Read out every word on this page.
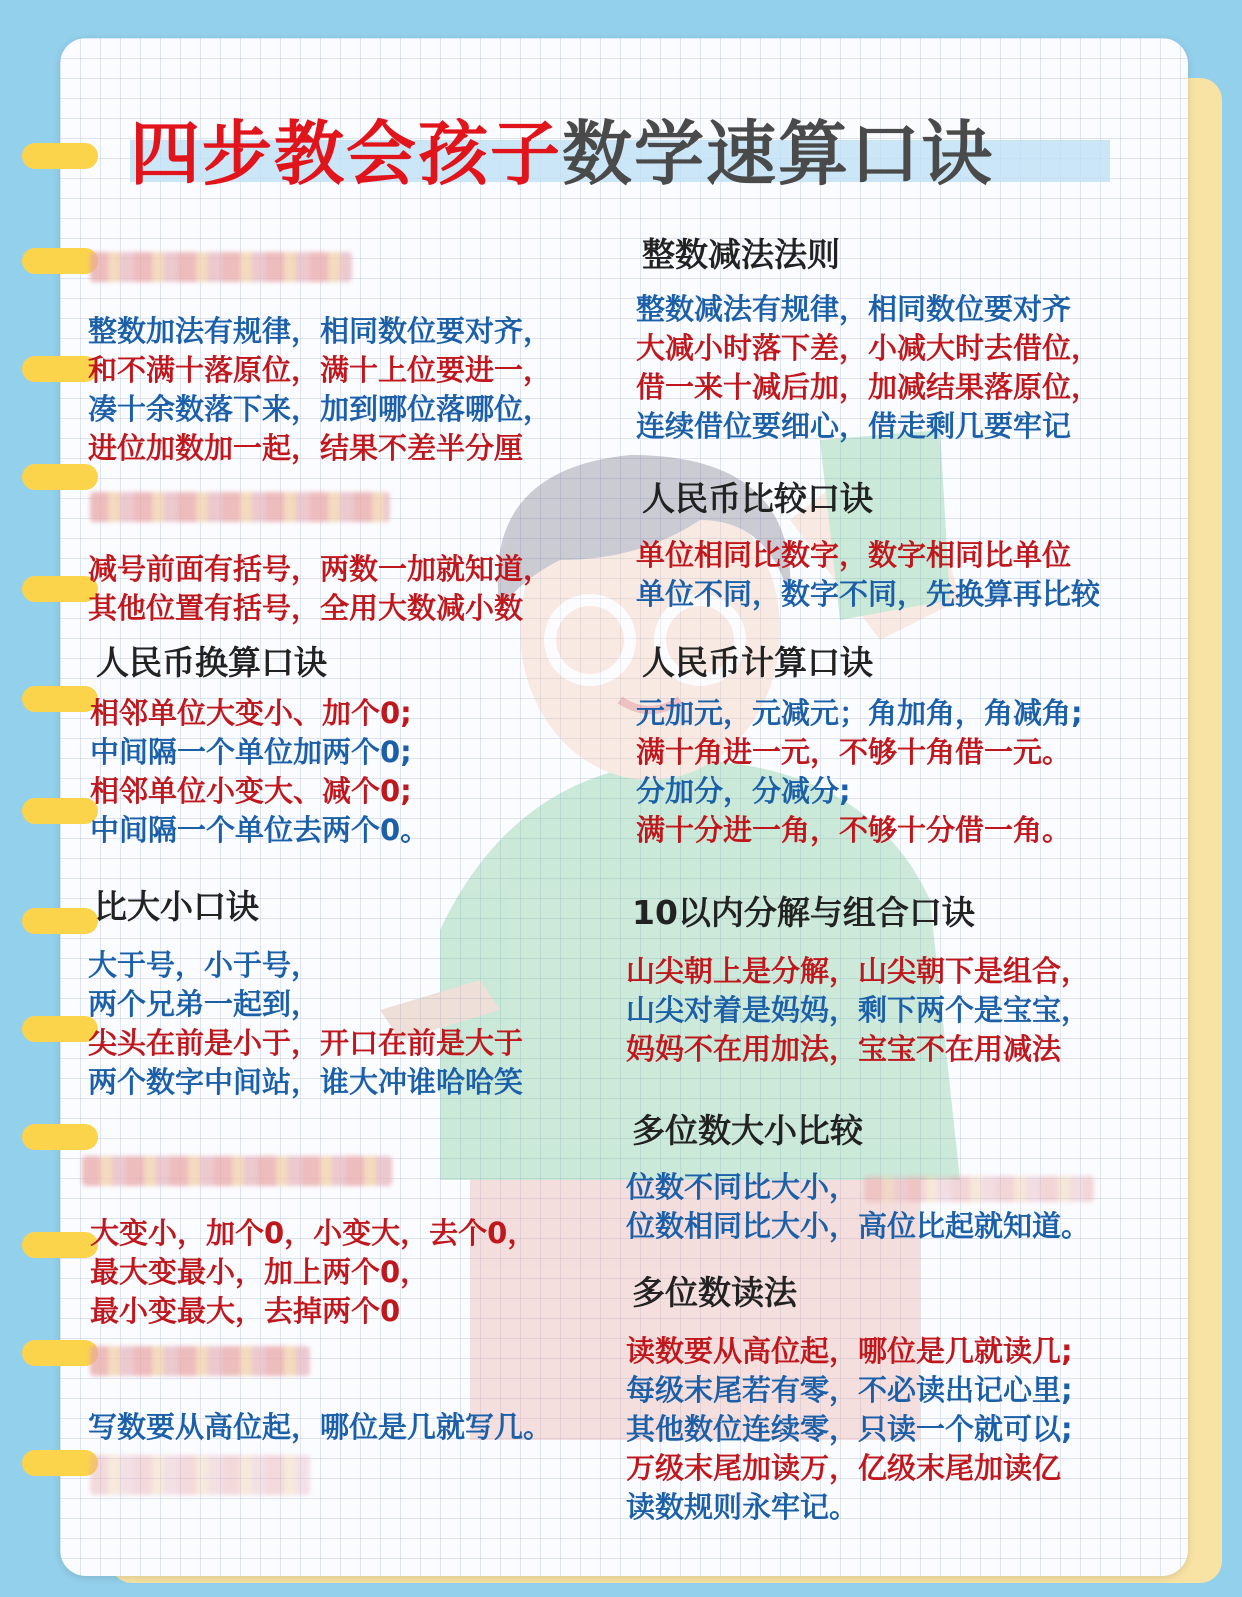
四步教会孩子数学速算口诀
整数加法有规律，相同数位要对齐，
和不满十落原位，满十上位要进一，
凑十余数落下来，加到哪位落哪位，
进位加数加一起，结果不差半分厘
减号前面有括号，两数一加就知道，
其他位置有括号，全用大数减小数
人民币换算口诀
相邻单位大变小、加个0;
中间隔一个单位加两个0;
相邻单位小变大、减个0;
中间隔一个单位去两个0。
比大小口诀
大于号，小于号，
两个兄弟一起到，
尖头在前是小于，开口在前是大于
两个数字中间站，谁大冲谁哈哈笑
大变小，加个0，小变大，去个0，
最大变最小，加上两个0，
最小变最大，去掉两个0
写数要从高位起，哪位是几就写几。
整数减法法则
整数减法有规律，相同数位要对齐
大减小时落下差，小减大时去借位，
借一来十减后加，加减结果落原位，
连续借位要细心，借走剩几要牢记
人民币比较口诀
单位相同比数字，数字相同比单位
单位不同，数字不同，先换算再比较
人民币计算口诀
元加元，元减元；角加角，角减角;
满十角进一元，不够十角借一元。
分加分，分减分;
满十分进一角，不够十分借一角。
10以内分解与组合口诀
山尖朝上是分解，山尖朝下是组合，
山尖对着是妈妈，剩下两个是宝宝，
妈妈不在用加法，宝宝不在用减法
多位数大小比较
位数不同比大小，
位数相同比大小，高位比起就知道。
多位数读法
读数要从高位起，哪位是几就读几;
每级末尾若有零，不必读出记心里;
其他数位连续零，只读一个就可以;
万级末尾加读万，亿级末尾加读亿
读数规则永牢记。
